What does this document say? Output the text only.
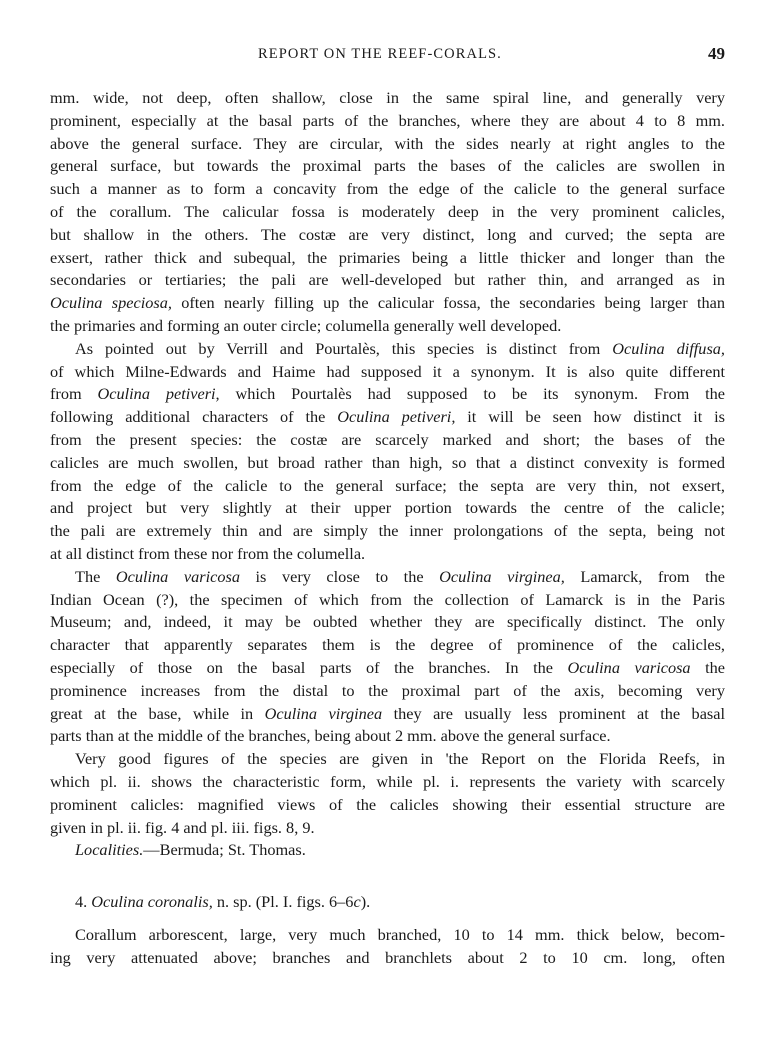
REPORT ON THE REEF-CORALS.	49
mm. wide, not deep, often shallow, close in the same spiral line, and generally very
prominent, especially at the basal parts of the branches, where they are about 4 to 8 mm.
above the general surface. They are circular, with the sides nearly at right angles to the
general surface, but towards the proximal parts the bases of the calicles are swollen in
such a manner as to form a concavity from the edge of the calicle to the general surface
of the corallum. The calicular fossa is moderately deep in the very prominent calicles,
but shallow in the others. The costæ are very distinct, long and curved; the septa are
exsert, rather thick and subequal, the primaries being a little thicker and longer than the
secondaries or tertiaries; the pali are well-developed but rather thin, and arranged as in
Oculina speciosa, often nearly filling up the calicular fossa, the secondaries being larger than
the primaries and forming an outer circle; columella generally well developed.
As pointed out by Verrill and Pourtalès, this species is distinct from Oculina diffusa,
of which Milne-Edwards and Haime had supposed it a synonym. It is also quite different
from Oculina petiveri, which Pourtalès had supposed to be its synonym. From the
following additional characters of the Oculina petiveri, it will be seen how distinct it is
from the present species: the costæ are scarcely marked and short; the bases of the
calicles are much swollen, but broad rather than high, so that a distinct convexity is formed
from the edge of the calicle to the general surface; the septa are very thin, not exsert,
and project but very slightly at their upper portion towards the centre of the calicle;
the pali are extremely thin and are simply the inner prolongations of the septa, being not
at all distinct from these nor from the columella.
The Oculina varicosa is very close to the Oculina virginea, Lamarck, from the
Indian Ocean (?), the specimen of which from the collection of Lamarck is in the Paris
Museum; and, indeed, it may be oubted whether they are specifically distinct. The only
character that apparently separates them is the degree of prominence of the calicles,
especially of those on the basal parts of the branches. In the Oculina varicosa the
prominence increases from the distal to the proximal part of the axis, becoming very
great at the base, while in Oculina virginea they are usually less prominent at the basal
parts than at the middle of the branches, being about 2 mm. above the general surface.
Very good figures of the species are given in 'the Report on the Florida Reefs, in
which pl. ii. shows the characteristic form, while pl. i. represents the variety with scarcely
prominent calicles: magnified views of the calicles showing their essential structure are
given in pl. ii. fig. 4 and pl. iii. figs. 8, 9.
Localities.—Bermuda; St. Thomas.
4. Oculina coronalis, n. sp. (Pl. I. figs. 6–6c).
Corallum arborescent, large, very much branched, 10 to 14 mm. thick below, becom-
ing very attenuated above; branches and branchlets about 2 to 10 cm. long, often
